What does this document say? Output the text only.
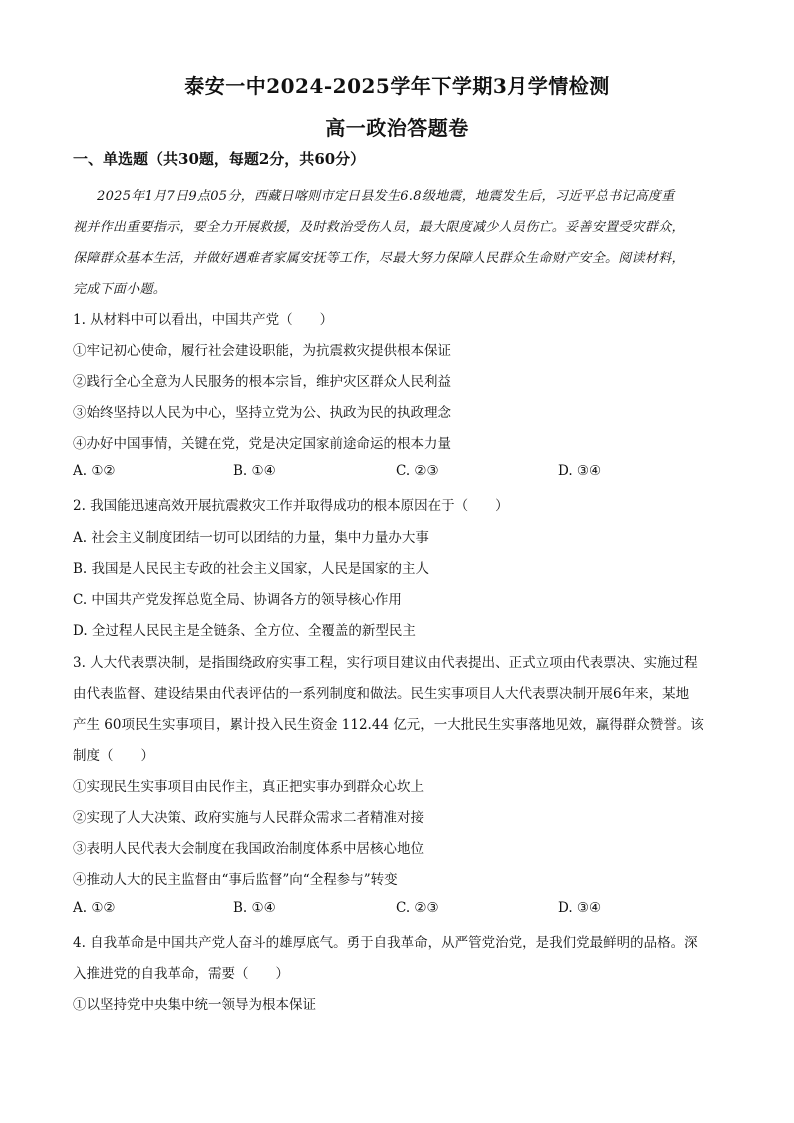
泰安一中2024-2025学年下学期3月学情检测
高一政治答题卷
一、单选题（共30题，每题2分，共60分）
2025年1月7日9点05分，西藏日喀则市定日县发生6.8级地震，地震发生后，习近平总书记高度重
视并作出重要指示，要全力开展救援，及时救治受伤人员，最大限度减少人员伤亡。妥善安置受灾群众，
保障群众基本生活，并做好遇难者家属安抚等工作，尽最大努力保障人民群众生命财产安全。阅读材料，
完成下面小题。
1. 从材料中可以看出，中国共产党（　　）
①牢记初心使命，履行社会建设职能，为抗震救灾提供根本保证
②践行全心全意为人民服务的根本宗旨，维护灾区群众人民利益
③始终坚持以人民为中心，坚持立党为公、执政为民的执政理念
④办好中国事情，关键在党，党是决定国家前途命运的根本力量
A. ①②	B. ①④	C. ②③	D. ③④
2. 我国能迅速高效开展抗震救灾工作并取得成功的根本原因在于（　　）
A. 社会主义制度团结一切可以团结的力量，集中力量办大事
B. 我国是人民民主专政的社会主义国家，人民是国家的主人
C. 中国共产党发挥总览全局、协调各方的领导核心作用
D. 全过程人民民主是全链条、全方位、全覆盖的新型民主
3. 人大代表票决制，是指围绕政府实事工程，实行项目建议由代表提出、正式立项由代表票决、实施过程
由代表监督、建设结果由代表评估的一系列制度和做法。民生实事项目人大代表票决制开展6年来，某地
产生 60项民生实事项目，累计投入民生资金 112.44 亿元，一大批民生实事落地见效，赢得群众赞誉。该
制度（　　）
①实现民生实事项目由民作主，真正把实事办到群众心坎上
②实现了人大决策、政府实施与人民群众需求二者精准对接
③表明人民代表大会制度在我国政治制度体系中居核心地位
④推动人大的民主监督由“事后监督”向“全程参与”转变
A. ①②	B. ①④	C. ②③	D. ③④
4. 自我革命是中国共产党人奋斗的雄厚底气。勇于自我革命，从严管党治党，是我们党最鲜明的品格。深
入推进党的自我革命，需要（　　）
①以坚持党中央集中统一领导为根本保证
